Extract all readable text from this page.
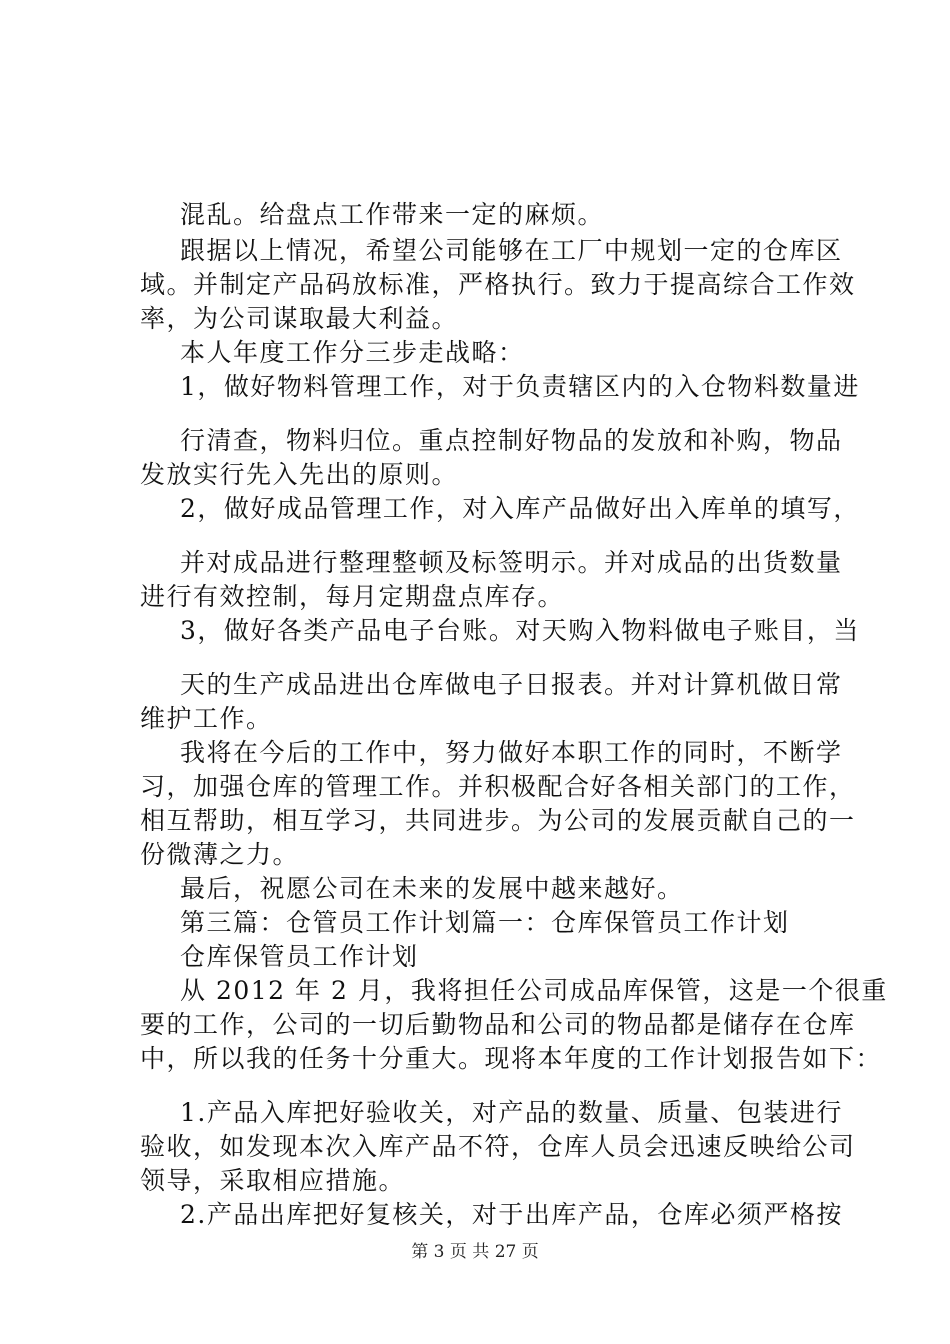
混乱。给盘点工作带来一定的麻烦。
跟据以上情况，希望公司能够在工厂中规划一定的仓库区
域。并制定产品码放标准，严格执行。致力于提高综合工作效
率，为公司谋取最大利益。
本人年度工作分三步走战略：
1，做好物料管理工作，对于负责辖区内的入仓物料数量进
行清查，物料归位。重点控制好物品的发放和补购，物品
发放实行先入先出的原则。
2，做好成品管理工作，对入库产品做好出入库单的填写，
并对成品进行整理整顿及标签明示。并对成品的出货数量
进行有效控制，每月定期盘点库存。
3，做好各类产品电子台账。对天购入物料做电子账目，当
天的生产成品进出仓库做电子日报表。并对计算机做日常
维护工作。
我将在今后的工作中，努力做好本职工作的同时，不断学
习，加强仓库的管理工作。并积极配合好各相关部门的工作，
相互帮助，相互学习，共同进步。为公司的发展贡献自己的一
份微薄之力。
最后，祝愿公司在未来的发展中越来越好。
第三篇：仓管员工作计划篇一：仓库保管员工作计划
仓库保管员工作计划
从 2012 年 2 月，我将担任公司成品库保管，这是一个很重
要的工作，公司的一切后勤物品和公司的物品都是储存在仓库
中，所以我的任务十分重大。现将本年度的工作计划报告如下：
1.产品入库把好验收关，对产品的数量、质量、包装进行
验收，如发现本次入库产品不符，仓库人员会迅速反映给公司
领导，采取相应措施。
2.产品出库把好复核关，对于出库产品，仓库必须严格按
第 3 页 共 27 页
